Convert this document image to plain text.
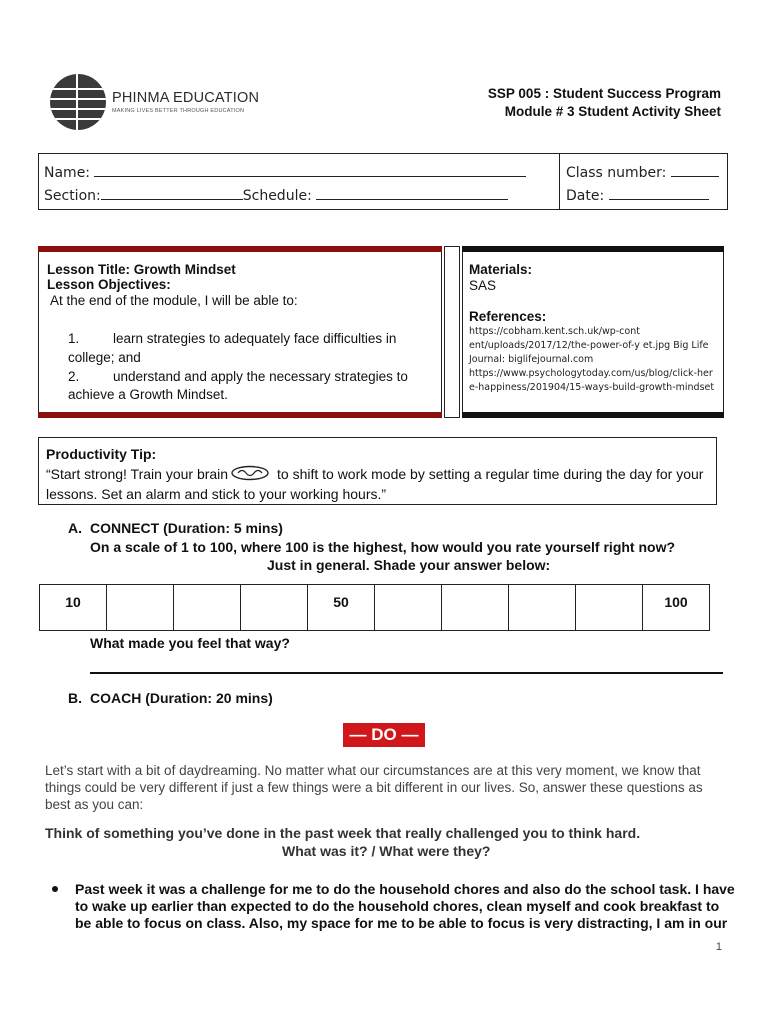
PHINMA EDUCATION
MAKING LIVES BETTER THROUGH EDUCATION
SSP 005 : Student Success Program
Module # 3 Student Activity Sheet
Name:
Section:	Schedule:
Class number:
Date:
Lesson Title: Growth Mindset
Lesson Objectives:
At the end of the module, I will be able to:
1. learn strategies to adequately face difficulties in
college; and
2. understand and apply the necessary strategies to
achieve a Growth Mindset.
Materials:
SAS
References:
https://cobham.kent.sch.uk/wp-cont
ent/uploads/2017/12/the-power-of-y et.jpg Big Life
Journal: biglifejournal.com
https://www.psychologytoday.com/us/blog/click-her
e-happiness/201904/15-ways-build-growth-mindset
Productivity Tip:
“Start strong! Train your brain	to shift to work mode by setting a regular time during the day for your
lessons. Set an alarm and stick to your working hours.”
A. CONNECT (Duration: 5 mins)
On a scale of 1 to 100, where 100 is the highest, how would you rate yourself right now?
Just in general. Shade your answer below:
10				50					100
What made you feel that way?
B. COACH (Duration: 20 mins)
— DO —
Let’s start with a bit of daydreaming. No matter what our circumstances are at this very moment, we know that
things could be very different if just a few things were a bit different in our lives. So, answer these questions as
best as you can:
Think of something you’ve done in the past week that really challenged you to think hard.
What was it? / What were they?
Past week it was a challenge for me to do the household chores and also do the school task. I have
to wake up earlier than expected to do the household chores, clean myself and cook breakfast to
be able to focus on class. Also, my space for me to be able to focus is very distracting, I am in our
1
